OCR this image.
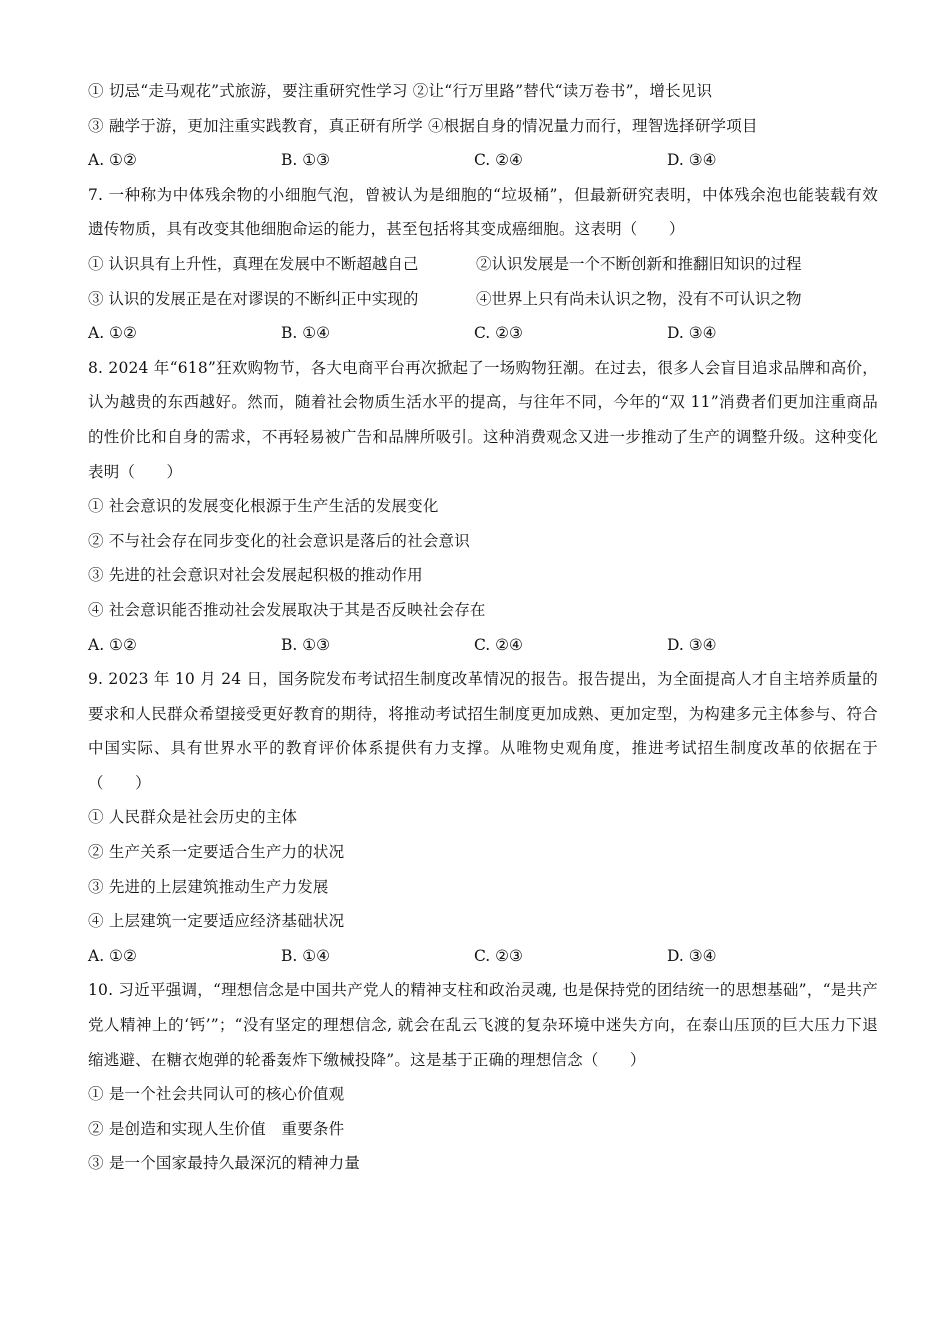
① 切忌“走马观花”式旅游，要注重研究性学习 ②让“行万里路”替代“读万卷书”，增长见识
③ 融学于游，更加注重实践教育，真正研有所学 ④根据自身的情况量力而行，理智选择研学项目
A. ①②	B. ①③	C. ②④	D. ③④
7. 一种称为中体残余物的小细胞气泡，曾被认为是细胞的“垃圾桶”，但最新研究表明，中体残余泡也能装载有效遗传物质，具有改变其他细胞命运的能力，甚至包括将其变成癌细胞。这表明（　　）
① 认识具有上升性，真理在发展中不断超越自己	②认识发展是一个不断创新和推翻旧知识的过程
③ 认识的发展正是在对谬误的不断纠正中实现的	④世界上只有尚未认识之物，没有不可认识之物
A. ①②	B. ①④	C. ②③	D. ③④
8. 2024 年“618”狂欢购物节，各大电商平台再次掀起了一场购物狂潮。在过去，很多人会盲目追求品牌和高价，认为越贵的东西越好。然而，随着社会物质生活水平的提高，与往年不同，今年的“双 11”消费者们更加注重商品的性价比和自身的需求，不再轻易被广告和品牌所吸引。这种消费观念又进一步推动了生产的调整升级。这种变化表明（　　）
① 社会意识的发展变化根源于生产生活的发展变化
② 不与社会存在同步变化的社会意识是落后的社会意识
③ 先进的社会意识对社会发展起积极的推动作用
④ 社会意识能否推动社会发展取决于其是否反映社会存在
A. ①②	B. ①③	C. ②④	D. ③④
9. 2023 年 10 月 24 日，国务院发布考试招生制度改革情况的报告。报告提出，为全面提高人才自主培养质量的要求和人民群众希望接受更好教育的期待，将推动考试招生制度更加成熟、更加定型，为构建多元主体参与、符合中国实际、具有世界水平的教育评价体系提供有力支撑。从唯物史观角度，推进考试招生制度改革的依据在于（　　）
① 人民群众是社会历史的主体
② 生产关系一定要适合生产力的状况
③ 先进的上层建筑推动生产力发展
④ 上层建筑一定要适应经济基础状况
A. ①②	B. ①④	C. ②③	D. ③④
10. 习近平强调，“理想信念是中国共产党人的精神支柱和政治灵魂, 也是保持党的团结统一的思想基础”，“是共产党人精神上的‘钙’”；“没有坚定的理想信念, 就会在乱云飞渡的复杂环境中迷失方向，在泰山压顶的巨大压力下退缩逃避、在糖衣炮弹的轮番轰炸下缴械投降”。这是基于正确的理想信念（　　）
① 是一个社会共同认可的核心价值观
② 是创造和实现人生价值　重要条件
③ 是一个国家最持久最深沉的精神力量
